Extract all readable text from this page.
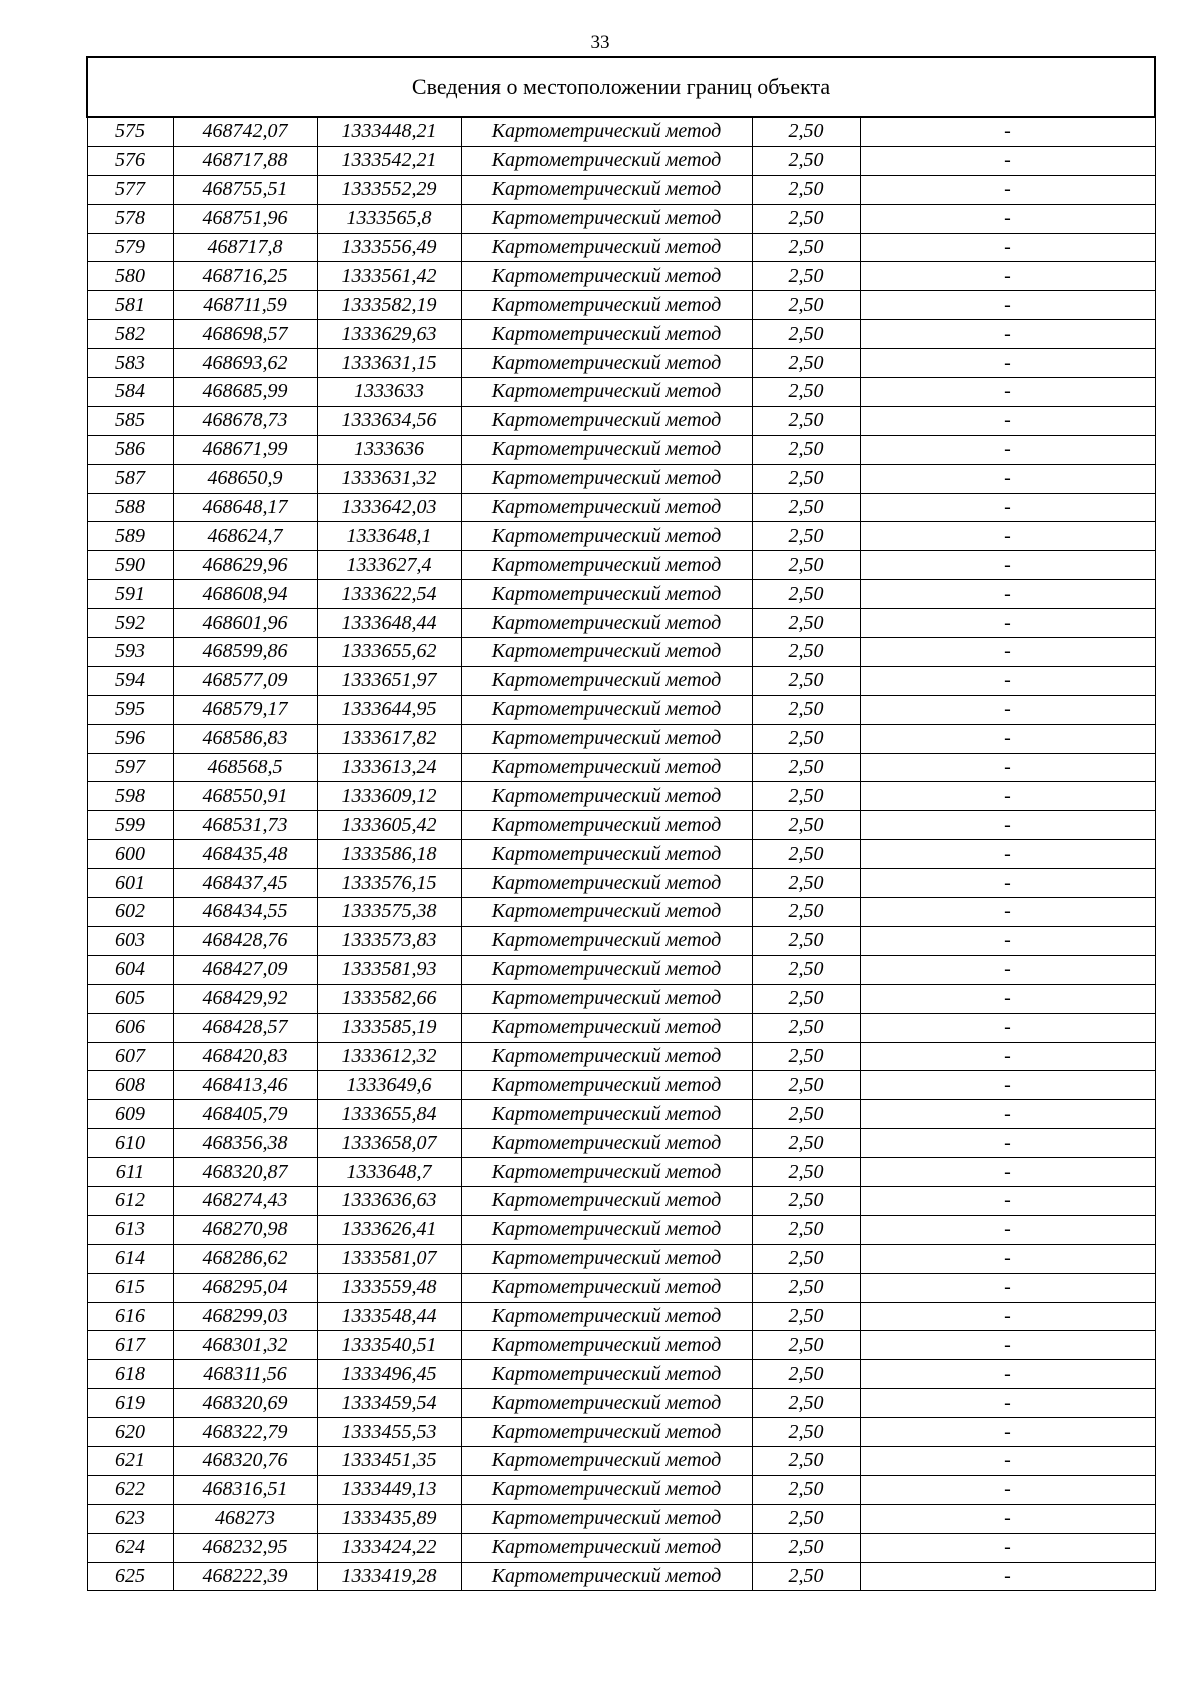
33
Сведения о местоположении границ объекта					
575	468742,07	1333448,21	Картометрический метод	2,50	-
576	468717,88	1333542,21	Картометрический метод	2,50	-
577	468755,51	1333552,29	Картометрический метод	2,50	-
578	468751,96	1333565,8	Картометрический метод	2,50	-
579	468717,8	1333556,49	Картометрический метод	2,50	-
580	468716,25	1333561,42	Картометрический метод	2,50	-
581	468711,59	1333582,19	Картометрический метод	2,50	-
582	468698,57	1333629,63	Картометрический метод	2,50	-
583	468693,62	1333631,15	Картометрический метод	2,50	-
584	468685,99	1333633	Картометрический метод	2,50	-
585	468678,73	1333634,56	Картометрический метод	2,50	-
586	468671,99	1333636	Картометрический метод	2,50	-
587	468650,9	1333631,32	Картометрический метод	2,50	-
588	468648,17	1333642,03	Картометрический метод	2,50	-
589	468624,7	1333648,1	Картометрический метод	2,50	-
590	468629,96	1333627,4	Картометрический метод	2,50	-
591	468608,94	1333622,54	Картометрический метод	2,50	-
592	468601,96	1333648,44	Картометрический метод	2,50	-
593	468599,86	1333655,62	Картометрический метод	2,50	-
594	468577,09	1333651,97	Картометрический метод	2,50	-
595	468579,17	1333644,95	Картометрический метод	2,50	-
596	468586,83	1333617,82	Картометрический метод	2,50	-
597	468568,5	1333613,24	Картометрический метод	2,50	-
598	468550,91	1333609,12	Картометрический метод	2,50	-
599	468531,73	1333605,42	Картометрический метод	2,50	-
600	468435,48	1333586,18	Картометрический метод	2,50	-
601	468437,45	1333576,15	Картометрический метод	2,50	-
602	468434,55	1333575,38	Картометрический метод	2,50	-
603	468428,76	1333573,83	Картометрический метод	2,50	-
604	468427,09	1333581,93	Картометрический метод	2,50	-
605	468429,92	1333582,66	Картометрический метод	2,50	-
606	468428,57	1333585,19	Картометрический метод	2,50	-
607	468420,83	1333612,32	Картометрический метод	2,50	-
608	468413,46	1333649,6	Картометрический метод	2,50	-
609	468405,79	1333655,84	Картометрический метод	2,50	-
610	468356,38	1333658,07	Картометрический метод	2,50	-
611	468320,87	1333648,7	Картометрический метод	2,50	-
612	468274,43	1333636,63	Картометрический метод	2,50	-
613	468270,98	1333626,41	Картометрический метод	2,50	-
614	468286,62	1333581,07	Картометрический метод	2,50	-
615	468295,04	1333559,48	Картометрический метод	2,50	-
616	468299,03	1333548,44	Картометрический метод	2,50	-
617	468301,32	1333540,51	Картометрический метод	2,50	-
618	468311,56	1333496,45	Картометрический метод	2,50	-
619	468320,69	1333459,54	Картометрический метод	2,50	-
620	468322,79	1333455,53	Картометрический метод	2,50	-
621	468320,76	1333451,35	Картометрический метод	2,50	-
622	468316,51	1333449,13	Картометрический метод	2,50	-
623	468273	1333435,89	Картометрический метод	2,50	-
624	468232,95	1333424,22	Картометрический метод	2,50	-
625	468222,39	1333419,28	Картометрический метод	2,50	-
